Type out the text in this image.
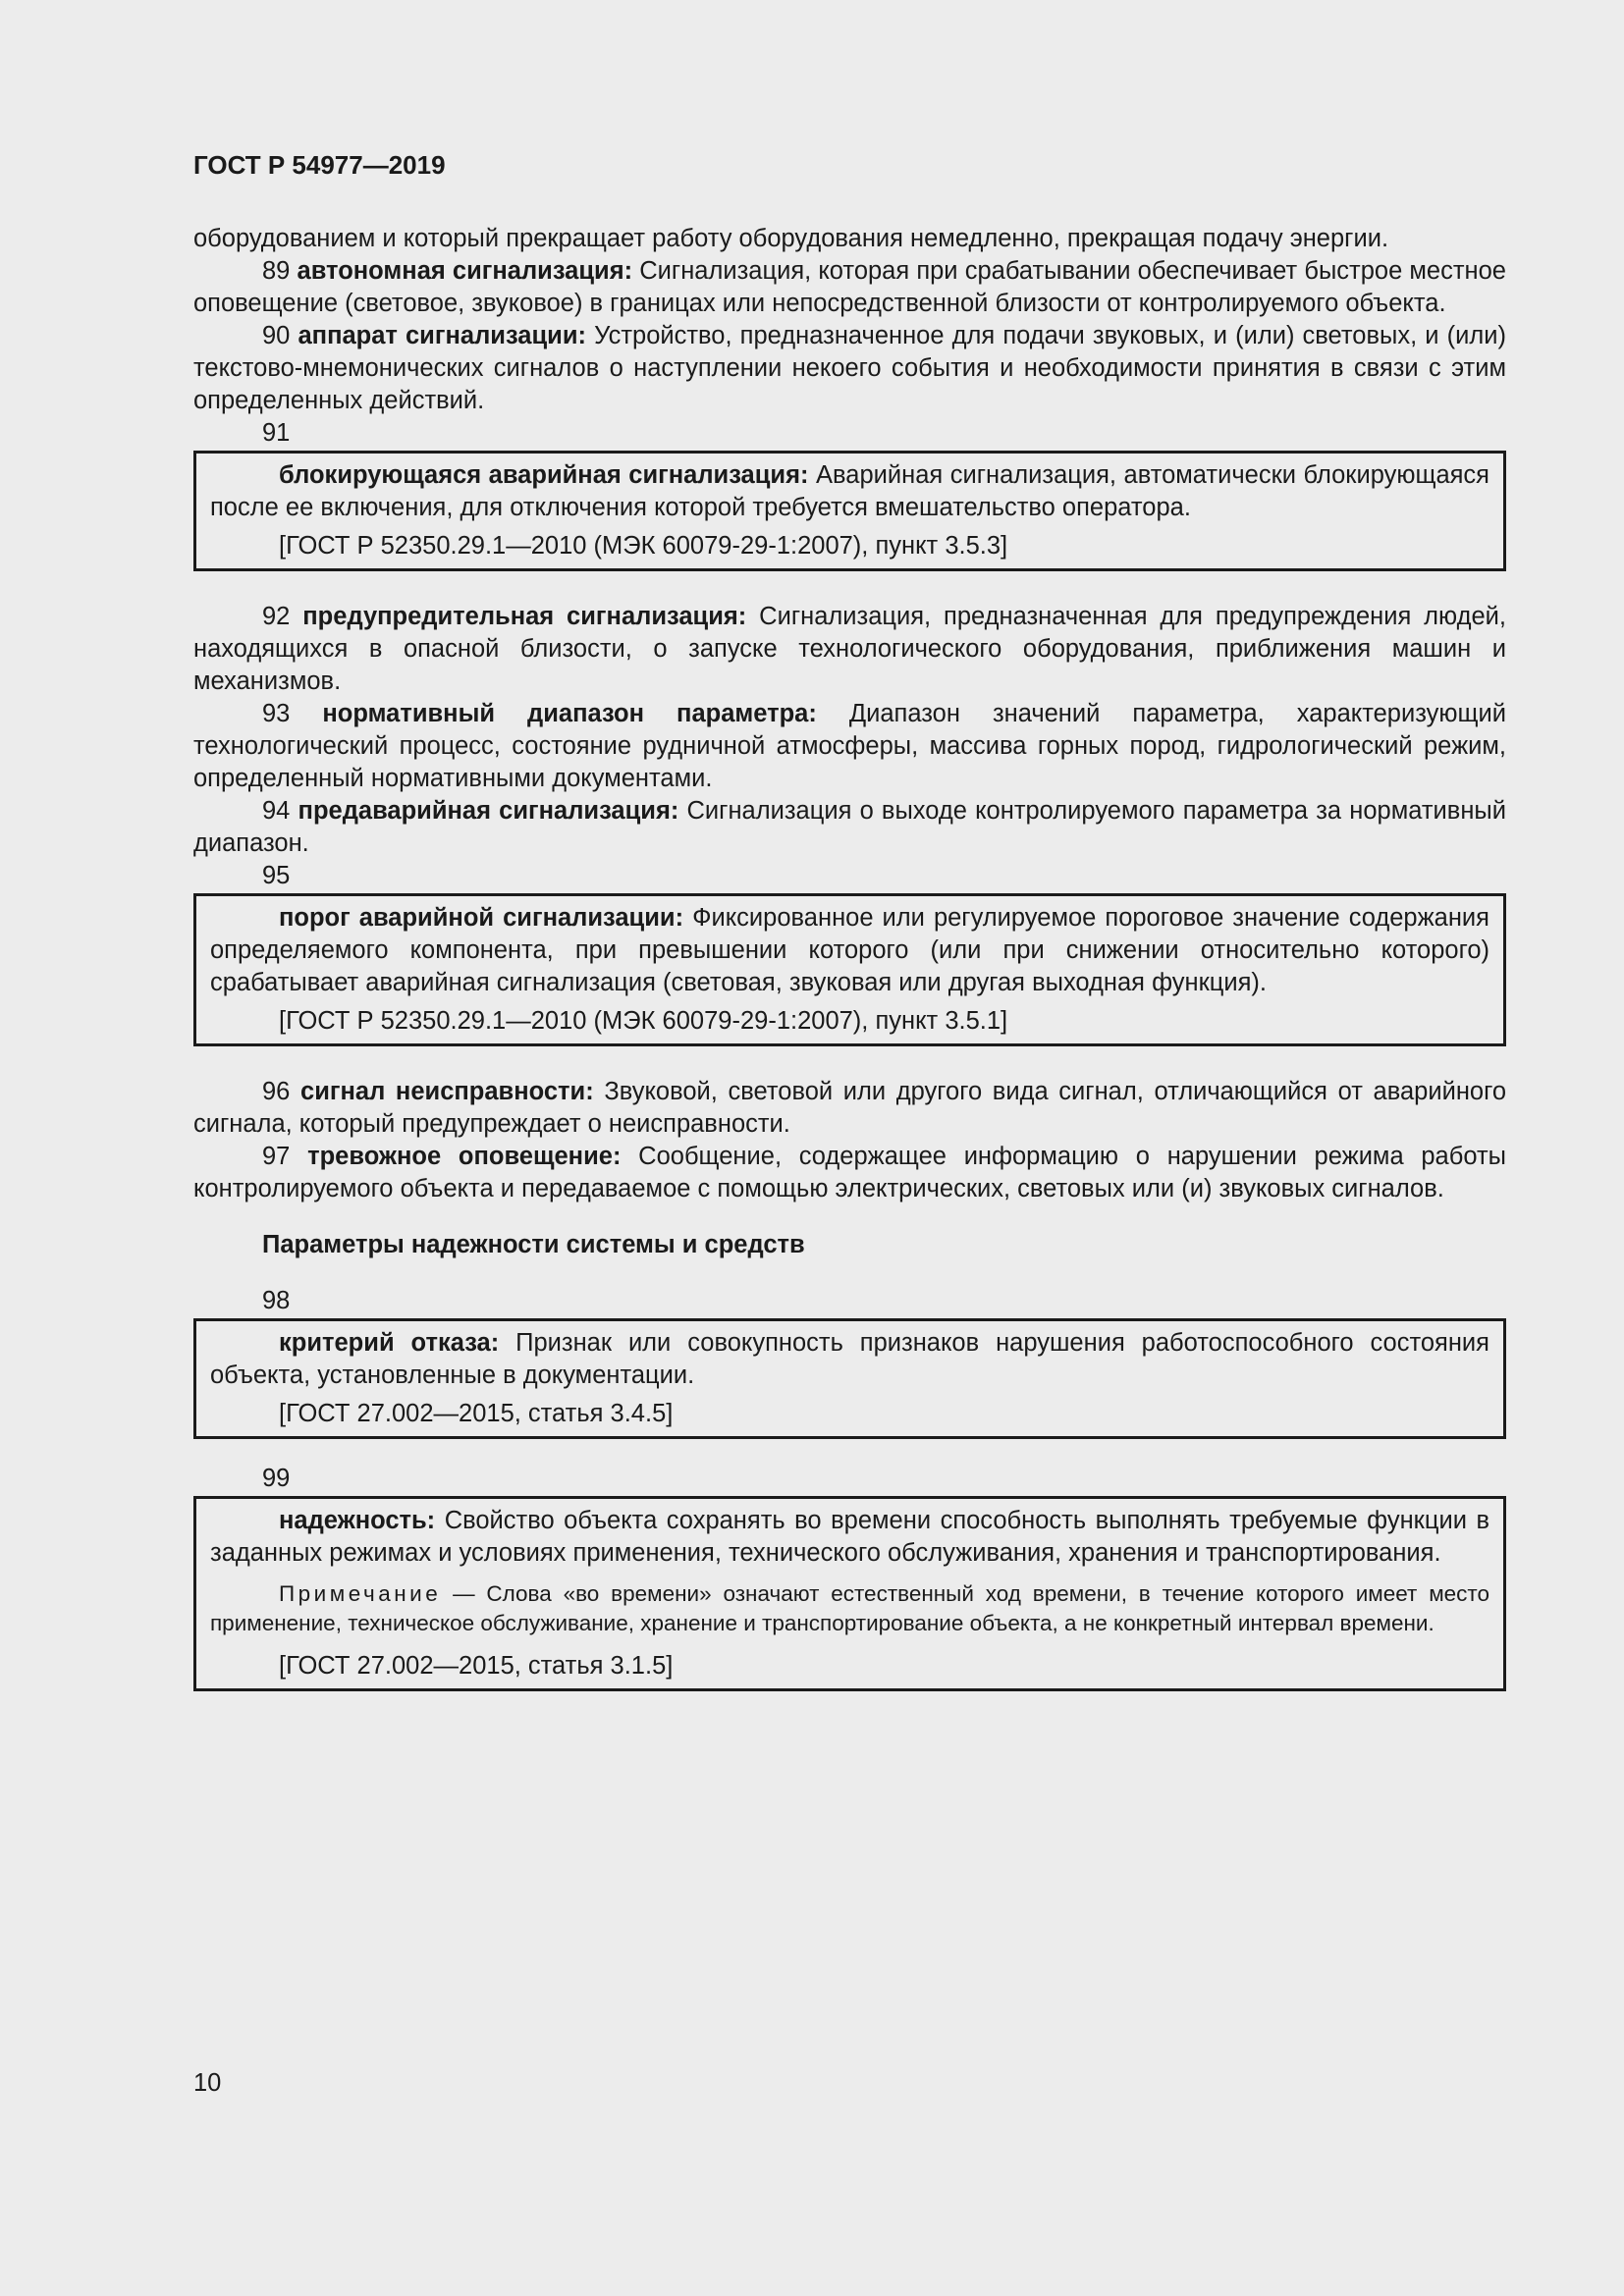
ГОСТ Р 54977—2019

оборудованием и который прекращает работу оборудования немедленно, прекращая подачу энергии.

89 автономная сигнализация: Сигнализация, которая при срабатывании обеспечивает быстрое местное оповещение (световое, звуковое) в границах или непосредственной близости от контролируемого объекта.

90 аппарат сигнализации: Устройство, предназначенное для подачи звуковых, и (или) световых, и (или) текстово-мнемонических сигналов о наступлении некоего события и необходимости принятия в связи с этим определенных действий.

91

блокирующаяся аварийная сигнализация: Аварийная сигнализация, автоматически блокирующаяся после ее включения, для отключения которой требуется вмешательство оператора.

[ГОСТ Р 52350.29.1—2010 (МЭК 60079-29-1:2007), пункт 3.5.3]

92 предупредительная сигнализация: Сигнализация, предназначенная для предупреждения людей, находящихся в опасной близости, о запуске технологического оборудования, приближения машин и механизмов.

93 нормативный диапазон параметра: Диапазон значений параметра, характеризующий технологический процесс, состояние рудничной атмосферы, массива горных пород, гидрологический режим, определенный нормативными документами.

94 предаварийная сигнализация: Сигнализация о выходе контролируемого параметра за нормативный диапазон.

95

порог аварийной сигнализации: Фиксированное или регулируемое пороговое значение содержания определяемого компонента, при превышении которого (или при снижении относительно которого) срабатывает аварийная сигнализация (световая, звуковая или другая выходная функция).

[ГОСТ Р 52350.29.1—2010 (МЭК 60079-29-1:2007), пункт 3.5.1]

96 сигнал неисправности: Звуковой, световой или другого вида сигнал, отличающийся от аварийного сигнала, который предупреждает о неисправности.

97 тревожное оповещение: Сообщение, содержащее информацию о нарушении режима работы контролируемого объекта и передаваемое с помощью электрических, световых или (и) звуковых сигналов.

Параметры надежности системы и средств

98

критерий отказа: Признак или совокупность признаков нарушения работоспособного состояния объекта, установленные в документации.

[ГОСТ 27.002—2015, статья 3.4.5]

99

надежность: Свойство объекта сохранять во времени способность выполнять требуемые функции в заданных режимах и условиях применения, технического обслуживания, хранения и транспортирования.

Примечание — Слова «во времени» означают естественный ход времени, в течение которого имеет место применение, техническое обслуживание, хранение и транспортирование объекта, а не конкретный интервал времени.

[ГОСТ 27.002—2015, статья 3.1.5]

10
